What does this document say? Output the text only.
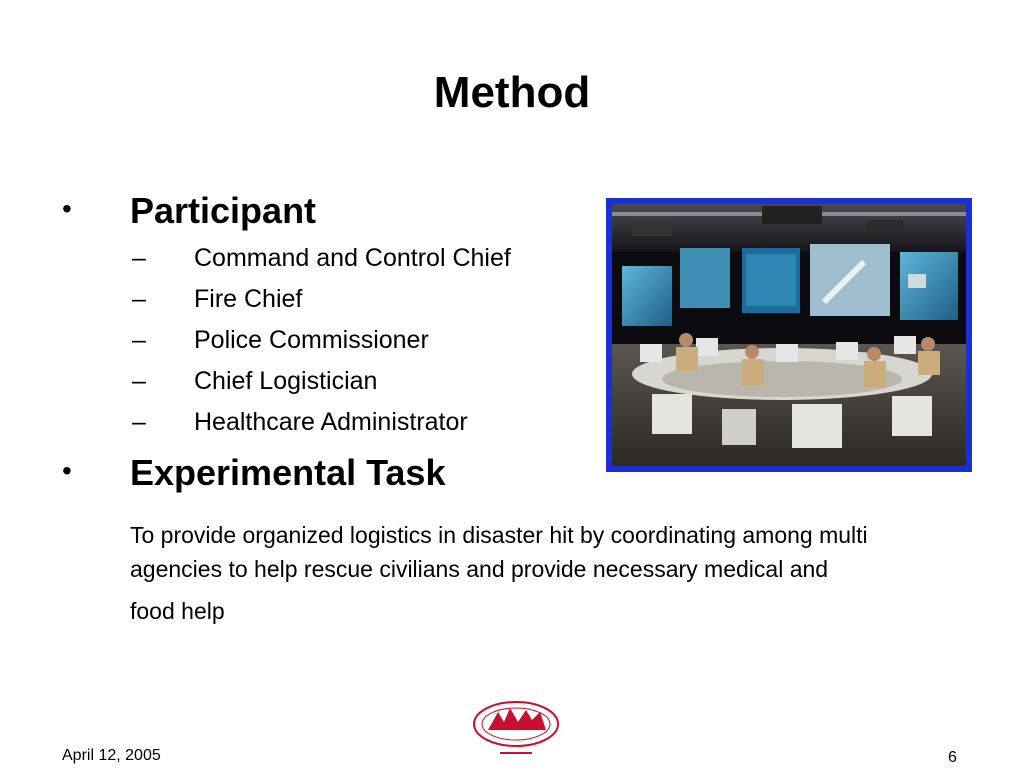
Method
• Participant
– Command and Control Chief
– Fire Chief
– Police Commissioner
– Chief Logistician
– Healthcare Administrator
• Experimental Task
To provide organized logistics in disaster hit by coordinating among multi
agencies to help rescue civilians and provide necessary medical and
food help
April 12, 2005	6
